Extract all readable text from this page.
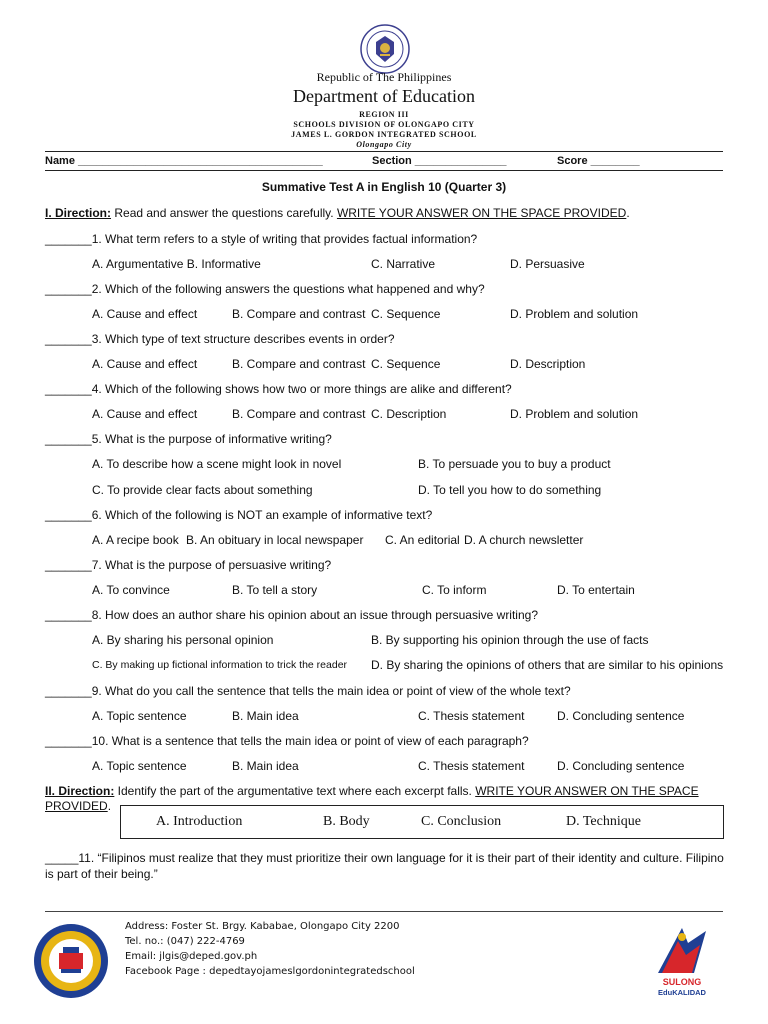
Republic of The Philippines
Department of Education
REGION III
SCHOOLS DIVISION OF OLONGAPO CITY
JAMES L. GORDON INTEGRATED SCHOOL
Olongapo City
Name ________________________________________	Section _______________	Score ________
Summative Test A in English 10 (Quarter 3)
I. Direction: Read and answer the questions carefully. WRITE YOUR ANSWER ON THE SPACE PROVIDED.
_______1. What term refers to a style of writing that provides factual information?
A. Argumentative B. Informative	C. Narrative	D. Persuasive
_______2. Which of the following answers the questions what happened and why?
A. Cause and effect	B. Compare and contrast C. Sequence	D. Problem and solution
_______3. Which type of text structure describes events in order?
A. Cause and effect	B. Compare and contrast C. Sequence	D. Description
_______4. Which of the following shows how two or more things are alike and different?
A. Cause and effect	B. Compare and contrast C. Description	D. Problem and solution
_______5. What is the purpose of informative writing?
A. To describe how a scene might look in novel	B. To persuade you to buy a product
C. To provide clear facts about something	D. To tell you how to do something
_______6. Which of the following is NOT an example of informative text?
A. A recipe book B. An obituary in local newspaper C. An editorial D. A church newsletter
_______7. What is the purpose of persuasive writing?
A. To convince	B. To tell a story	C. To inform	D. To entertain
_______8. How does an author share his opinion about an issue through persuasive writing?
A. By sharing his personal opinion	B. By supporting his opinion through the use of facts
C. By making up fictional information to trick the reader D. By sharing the opinions of others that are similar to his opinions
_______9. What do you call the sentence that tells the main idea or point of view of the whole text?
A. Topic sentence	B. Main idea	C. Thesis statement	D. Concluding sentence
_______10. What is a sentence that tells the main idea or point of view of each paragraph?
A. Topic sentence	B. Main idea	C. Thesis statement	D. Concluding sentence
II. Direction: Identify the part of the argumentative text where each excerpt falls. WRITE YOUR ANSWER ON THE SPACE
PROVIDED.
A. Introduction	B. Body	C. Conclusion	D. Technique
_____11. “Filipinos must realize that they must prioritize their own language for it is their part of their identity and culture. Filipino is part of their being.”
Address: Foster St. Brgy. Kababae, Olongapo City 2200
Tel. no.: (047) 222-4769
Email: jlgis@deped.gov.ph
Facebook Page : depedtayojameslgordonintegratedschool
SULONG
EduKALIDAD
